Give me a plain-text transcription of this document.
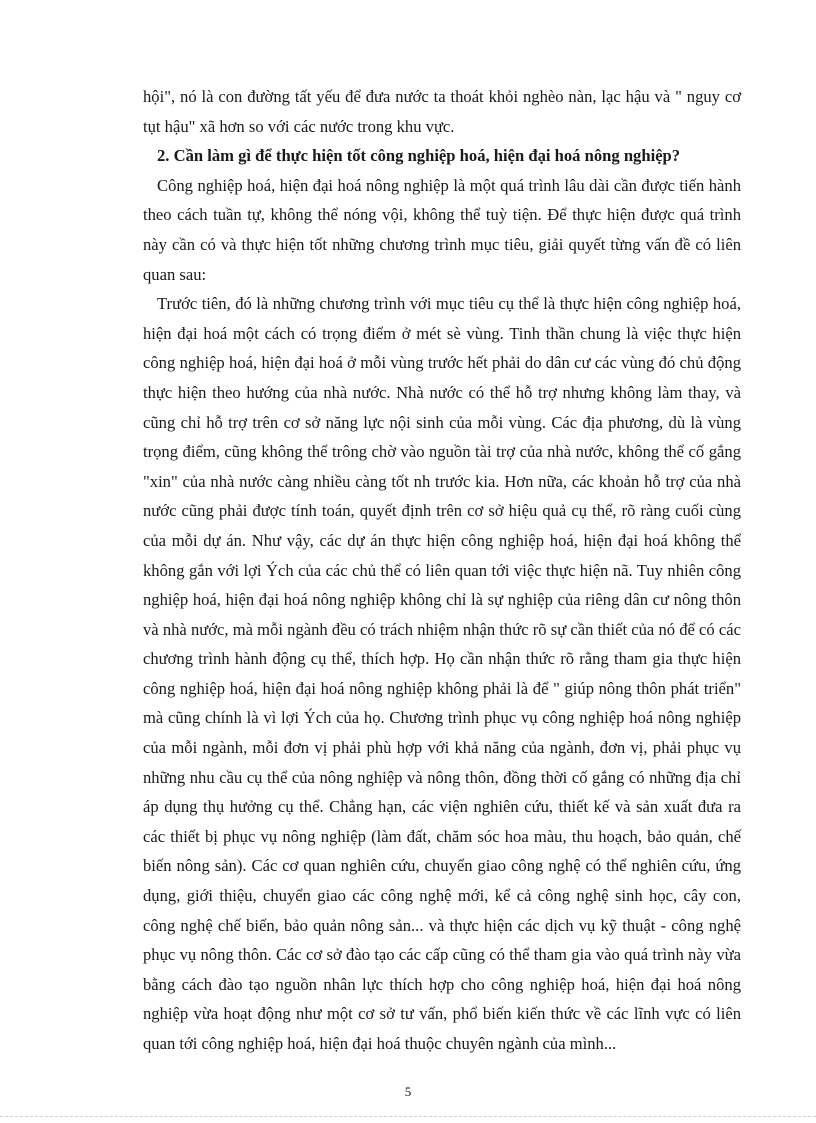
hội", nó là con đường tất yếu để đưa nước ta thoát khỏi nghèo nàn, lạc hậu và " nguy cơ tụt hậu" xã hơn so với các nước trong khu vực.

2. Cần làm gì để thực hiện tốt công nghiệp hoá, hiện đại hoá nông nghiệp?

Công nghiệp hoá, hiện đại hoá nông nghiệp là một quá trình lâu dài cần được tiến hành theo cách tuần tự, không thể nóng vội, không thể tuỳ tiện. Để thực hiện được quá trình này cần có và thực hiện tốt những chương trình mục tiêu, giải quyết từng vấn đề có liên quan sau:

Trước tiên, đó là những chương trình với mục tiêu cụ thể là thực hiện công nghiệp hoá, hiện đại hoá một cách có trọng điểm ở mét sè vùng. Tinh thần chung là việc thực hiện công nghiệp hoá, hiện đại hoá ở mỗi vùng trước hết phải do dân cư các vùng đó chủ động thực hiện theo hướng của nhà nước. Nhà nước có thể hỗ trợ nhưng không làm thay, và cũng chỉ hỗ trợ trên cơ sở năng lực nội sinh của mỗi vùng. Các địa phương, dù là vùng trọng điểm, cũng không thể trông chờ vào nguồn tài trợ của nhà nước, không thể cố gắng "xin" của nhà nước càng nhiều càng tốt nh trước kia. Hơn nữa, các khoản hỗ trợ của nhà nước cũng phải được tính toán, quyết định trên cơ sở hiệu quả cụ thể, rõ ràng cuối cùng của mỗi dự án. Như vậy, các dự án thực hiện công nghiệp hoá, hiện đại hoá không thể không gắn với lợi Ých của các chủ thể có liên quan tới việc thực hiện nã. Tuy nhiên công nghiệp hoá, hiện đại hoá nông nghiệp không chỉ là sự nghiệp của riêng dân cư nông thôn và nhà nước, mà mỗi ngành đều có trách nhiệm nhận thức rõ sự cần thiết của nó để có các chương trình hành động cụ thể, thích hợp. Họ cần nhận thức rõ rằng tham gia thực hiện công nghiệp hoá, hiện đại hoá nông nghiệp không phải là để " giúp nông thôn phát triển" mà cũng chính là vì lợi Ých của họ. Chương trình phục vụ công nghiệp hoá nông nghiệp của mỗi ngành, mỗi đơn vị phải phù hợp với khả năng của ngành, đơn vị, phải phục vụ những nhu cầu cụ thể của nông nghiệp và nông thôn, đồng thời cố gắng có những địa chỉ áp dụng thụ hưởng cụ thể. Chẳng hạn, các viện nghiên cứu, thiết kế và sản xuất đưa ra các thiết bị phục vụ nông nghiệp (làm đất, chăm sóc hoa màu, thu hoạch, bảo quản, chế biến nông sản). Các cơ quan nghiên cứu, chuyển giao công nghệ có thể nghiên cứu, ứng dụng, giới thiệu, chuyển giao các công nghệ mới, kể cả công nghệ sinh học, cây con, công nghệ chế biến, bảo quản nông sản... và thực hiện các dịch vụ kỹ thuật - công nghệ phục vụ nông thôn. Các cơ sở đào tạo các cấp cũng có thể tham gia vào quá trình này vừa bằng cách đào tạo nguồn nhân lực thích hợp cho công nghiệp hoá, hiện đại hoá nông nghiệp vừa hoạt động như một cơ sở tư vấn, phổ biến kiến thức về các lĩnh vực có liên quan tới công nghiệp hoá, hiện đại hoá thuộc chuyên ngành của mình...

5
